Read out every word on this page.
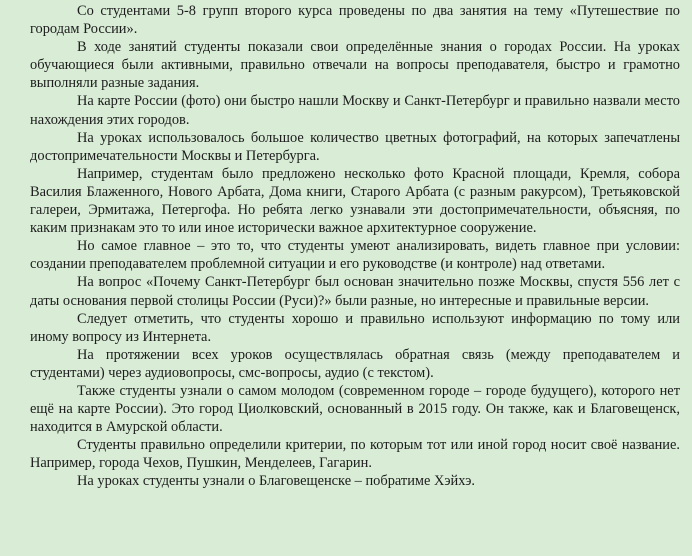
Со студентами 5-8 групп второго курса проведены по два занятия на тему «Путешествие по городам России».

В ходе занятий студенты показали свои определённые знания о городах России. На уроках обучающиеся были активными, правильно отвечали на вопросы преподавателя, быстро и грамотно выполняли разные задания.

На карте России (фото) они быстро нашли Москву и Санкт-Петербург и правильно назвали место нахождения этих городов.

На уроках использовалось большое количество цветных фотографий, на которых запечатлены достопримечательности Москвы и Петербурга.

Например, студентам было предложено несколько фото Красной площади, Кремля, собора Василия Блаженного, Нового Арбата, Дома книги, Старого Арбата (с разным ракурсом), Третьяковской галереи, Эрмитажа, Петергофа. Но ребята легко узнавали эти достопримечательности, объясняя, по каким признакам это то или иное исторически важное архитектурное сооружение.

Но самое главное – это то, что студенты умеют анализировать, видеть главное при условии: создании преподавателем проблемной ситуации и его руководстве (и контроле) над ответами.

На вопрос «Почему Санкт-Петербург был основан значительно позже Москвы, спустя 556 лет с даты основания первой столицы России (Руси)?» были разные, но интересные и правильные версии.

Следует отметить, что студенты хорошо и правильно используют информацию по тому или иному вопросу из Интернета.

На протяжении всех уроков осуществлялась обратная связь (между преподавателем и студентами) через аудиовопросы, смс-вопросы, аудио (с текстом).

Также студенты узнали о самом молодом (современном городе – городе будущего), которого нет ещё на карте России). Это город Циолковский, основанный в 2015 году. Он также, как и Благовещенск, находится в Амурской области.

Студенты правильно определили критерии, по которым тот или иной город носит своё название. Например, города Чехов, Пушкин, Менделеев, Гагарин.

На уроках студенты узнали о Благовещенске – побратиме Хэйхэ.
